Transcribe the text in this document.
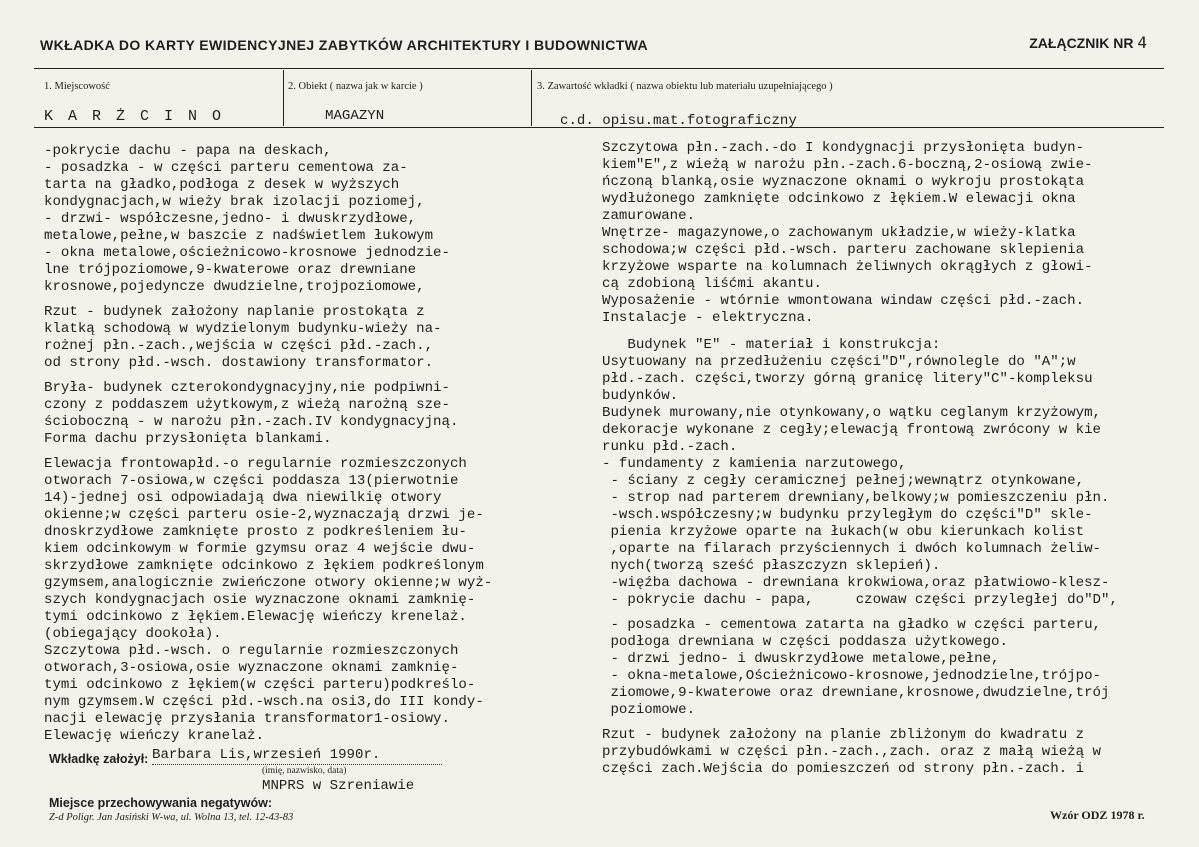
WKŁADKA DO KARTY EWIDENCYJNEJ ZABYTKÓW ARCHITEKTURY I BUDOWNICTWA	ZAŁĄCZNIK NR 4
1. Miejscowość	2. Obiekt ( nazwa jak w karcie )	3. Zawartość wkładki ( nazwa obiektu lub materiału uzupełniającego )
K A R Ż C I N O	MAGAZYN	c.d. opisu.mat.fotograficzny
-pokrycie dachu - papa na deskach,
- posadzka - w części parteru cementowa za-
tarta na gładko,podłoga z desek w wyższych
kondygnacjach,w wieży brak izolacji poziomej,
- drzwi- współczesne,jedno- i dwuskrzydłowe,
metalowe,pełne,w baszcie z nadświetlem łukowym
- okna metalowe,ościeżnicowo-krosnowe jednodzie-
lne trójpoziomowe,9-kwaterowe oraz drewniane
krosnowe,pojedyncze dwudzielne,trojpoziomowe,
Rzut - budynek założony naplanie prostokąta z
klatką schodową w wydzielonym budynku-wieży na-
rożnej płn.-zach.,wejścia w części płd.-zach.,
od strony płd.-wsch. dostawiony transformator.
Bryła- budynek czterokondygnacyjny,nie podpiwni-
czony z poddaszem użytkowym,z wieżą narożną sze-
ścioboczną - w narożu płn.-zach.IV kondygnacyjną.
Forma dachu przysłonięta blankami.
Elewacja frontowapłd.-o regularnie rozmieszczonych
otworach 7-osiowa,w części poddasza 13(pierwotnie
14)-jednej osi odpowiadają dwa niewilkię otwory
okienne;w części parteru osie-2,wyznaczają drzwi je-
dnoskrzydłowe zamknięte prosto z podkreśleniem łu-
kiem odcinkowym w formie gzymsu oraz 4 wejście dwu-
skrzydłowe zamknięte odcinkowo z łękiem podkreślonym
gzymsem,analogicznie zwieńczone otwory okienne;w wyż-
szych kondygnacjach osie wyznaczone oknami zamknię-
tymi odcinkowo z łękiem.Elewację wieńczy krenelaż.
(obiegający dookoła).
Szczytowa płd.-wsch. o regularnie rozmieszczonych
otworach,3-osiowa,osie wyznaczone oknami zamknię-
tymi odcinkowo z łękiem(w części parteru)podkreślo-
nym gzymsem.W części płd.-wsch.na osi3,do III kondy-
nacji elewację przysłania transformator1-osiowy.
Elewację wieńczy kranelaż.
Szczytowa płn.-zach.-do I kondygnacji przysłonięta budyn-
kiem"E",z wieżą w narożu płn.-zach.6-boczną,2-osiową zwie-
ńczoną blanką,osie wyznaczone oknami o wykroju prostokąta
wydłużonego zamknięte odcinkowo z łękiem.W elewacji okna
zamurowane.
Wnętrze- magazynowe,o zachowanym układzie,w wieży-klatka
schodowa;w części płd.-wsch. parteru zachowane sklepienia
krzyżowe wsparte na kolumnach żeliwnych okrągłych z głowi-
cą zdobioną liśćmi akantu.
Wyposażenie - wtórnie wmontowana windaw części płd.-zach.
Instalacje - elektryczna.
Budynek "E" - materiał i konstrukcja:
Usytuowany na przedłużeniu części"D",równolegle do "A";w
płd.-zach. części,tworzy górną granicę litery"C"-kompleksu
budynków.
Budynek murowany,nie otynkowany,o wątku ceglanym krzyżowym,
dekoracje wykonane z cegły;elewacją frontową zwrócony w kie
runku płd.-zach.
- fundamenty z kamienia narzutowego,
- ściany z cegły ceramicznej pełnej;wewnątrz otynkowane,
- strop nad parterem drewniany,belkowy;w pomieszczeniu płn.
-wsch.współczesny;w budynku przyległym do części"D" skle-
pienia krzyżowe oparte na łukach(w obu kierunkach kolist
,oparte na filarach przyściennych i dwóch kolumnach żeliw-
nych(tworzą sześć płaszczyzn sklepień).
-więźba dachowa - drewniana krokwiowa,oraz płatwiowo-klesz-
- pokrycie dachu - papa,     czowaw części przyległej do"D",
- posadzka - cementowa zatarta na gładko w części parteru,
podłoga drewniana w części poddasza użytkowego.
- drzwi jedno- i dwuskrzydłowe metalowe,pełne,
- okna-metalowe,Ościeżnicowo-krosnowe,jednodzielne,trójpo-
ziomowe,9-kwaterowe oraz drewniane,krosnowe,dwudzielne,trój
poziomowe.
Rzut - budynek założony na planie zbliżonym do kwadratu z
przybudówkami w części płn.-zach.,zach. oraz z małą wieżą w
części zach.Wejścia do pomieszczeń od strony płn.-zach. i
Wkładkę założył: Barbara Lis,wrzesień 1990r.
(imię, nazwisko, data)
MNPRS w Szreniawie
Miejsce przechowywania negatywów:
Z-d Poligr. Jan Jasiński W-wa, ul. Wolna 13, tel. 12-43-83	Wzór ODZ 1978 r.
